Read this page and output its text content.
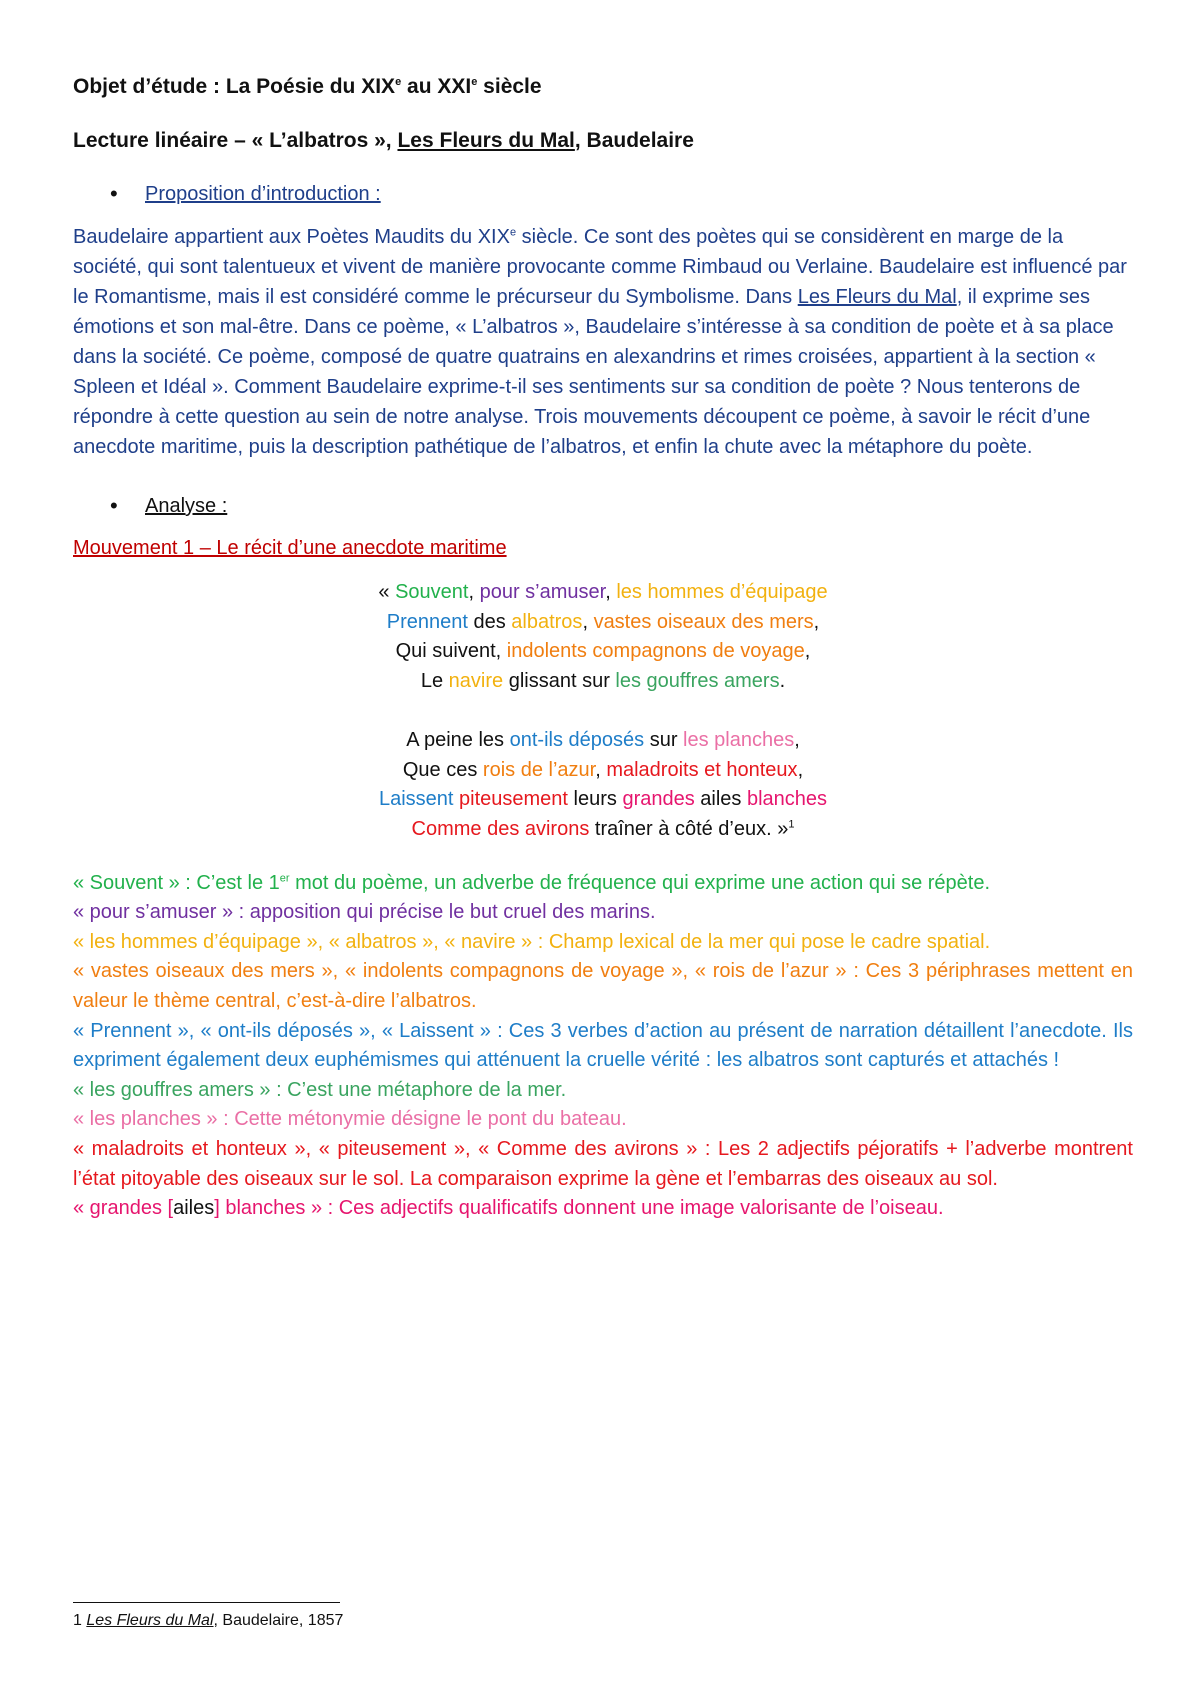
Objet d’étude : La Poésie du XIXe au XXIe siècle
Lecture linéaire – « L’albatros », Les Fleurs du Mal, Baudelaire
• Proposition d’introduction :
Baudelaire appartient aux Poètes Maudits du XIXe siècle. Ce sont des poètes qui se considèrent en marge de la société, qui sont talentueux et vivent de manière provocante comme Rimbaud ou Verlaine. Baudelaire est influencé par le Romantisme, mais il est considéré comme le précurseur du Symbolisme. Dans Les Fleurs du Mal, il exprime ses émotions et son mal-être. Dans ce poème, « L’albatros », Baudelaire s’intéresse à sa condition de poète et à sa place dans la société. Ce poème, composé de quatre quatrains en alexandrins et rimes croisées, appartient à la section « Spleen et Idéal ». Comment Baudelaire exprime-t-il ses sentiments sur sa condition de poète ? Nous tenterons de répondre à cette question au sein de notre analyse. Trois mouvements découpent ce poème, à savoir le récit d’une anecdote maritime, puis la description pathétique de l’albatros, et enfin la chute avec la métaphore du poète.
• Analyse :
Mouvement 1 – Le récit d’une anecdote maritime
« Souvent, pour s’amuser, les hommes d’équipage
Prennent des albatros, vastes oiseaux des mers,
Qui suivent, indolents compagnons de voyage,
Le navire glissant sur les gouffres amers.
A peine les ont-ils déposés sur les planches,
Que ces rois de l’azur, maladroits et honteux,
Laissent piteusement leurs grandes ailes blanches
Comme des avirons traîner à côté d’eux. »$^1$
« Souvent » : C’est le 1er mot du poème, un adverbe de fréquence qui exprime une action qui se répète.
« pour s’amuser » : apposition qui précise le but cruel des marins.
« les hommes d’équipage », « albatros », « navire » : Champ lexical de la mer qui pose le cadre spatial.
« vastes oiseaux des mers », « indolents compagnons de voyage », « rois de l’azur » : Ces 3 périphrases mettent en valeur le thème central, c’est-à-dire l’albatros.
« Prennent », « ont-ils déposés », « Laissent » : Ces 3 verbes d’action au présent de narration détaillent l’anecdote. Ils expriment également deux euphémismes qui atténuent la cruelle vérité : les albatros sont capturés et attachés !
« les gouffres amers » : C’est une métaphore de la mer.
« les planches » : Cette métonymie désigne le pont du bateau.
« maladroits et honteux », « piteusement », « Comme des avirons » : Les 2 adjectifs péjoratifs + l’adverbe montrent l’état pitoyable des oiseaux sur le sol. La comparaison exprime la gène et l’embarras des oiseaux au sol.
« grandes [ailes] blanches » : Ces adjectifs qualificatifs donnent une image valorisante de l’oiseau.
1 Les Fleurs du Mal, Baudelaire, 1857
